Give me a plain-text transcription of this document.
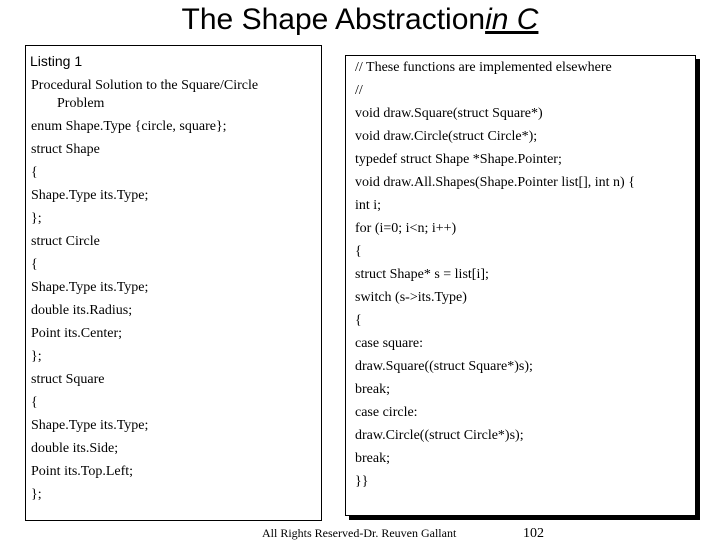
The Shape Abstractionin C
Listing 1
Procedural Solution to the Square/Circle
Problem
enum Shape.Type {circle, square};
struct Shape
{
Shape.Type its.Type;
};
struct Circle
{
Shape.Type its.Type;
double its.Radius;
Point its.Center;
};
struct Square
{
Shape.Type its.Type;
double its.Side;
Point its.Top.Left;
};
// These functions are implemented elsewhere
//
void draw.Square(struct Square*)
void draw.Circle(struct Circle*);
typedef struct Shape *Shape.Pointer;
void draw.All.Shapes(Shape.Pointer list[], int n) {
int i;
for (i=0; i<n; i++)
{
struct Shape* s = list[i];
switch (s->its.Type)
{
case square:
draw.Square((struct Square*)s);
break;
case circle:
draw.Circle((struct Circle*)s);
break;
}}
All Rights Reserved-Dr. Reuven Gallant	102
